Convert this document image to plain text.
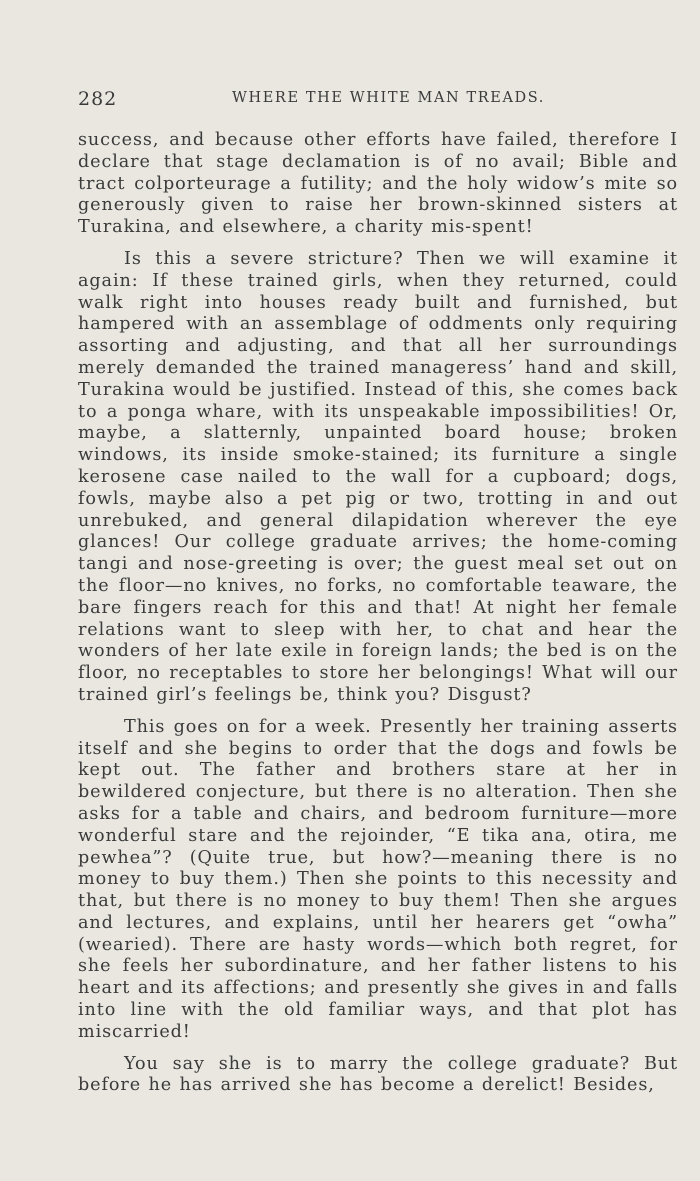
282	WHERE THE WHITE MAN TREADS.

success, and because other efforts have failed, therefore I declare that stage declamation is of no avail; Bible and tract colporteurage a futility; and the holy widow’s mite so generously given to raise her brown-skinned sisters at Turakina, and elsewhere, a charity mis-spent!

Is this a severe stricture? Then we will examine it again: If these trained girls, when they returned, could walk right into houses ready built and furnished, but hampered with an assemblage of oddments only requiring assorting and adjusting, and that all her surroundings merely demanded the trained manageress’ hand and skill, Turakina would be justified. Instead of this, she comes back to a ponga whare, with its unspeakable impossibilities! Or, maybe, a slatternly, unpainted board house; broken windows, its inside smoke-stained; its furniture a single kerosene case nailed to the wall for a cupboard; dogs, fowls, maybe also a pet pig or two, trotting in and out unrebuked, and general dilapidation wherever the eye glances! Our college graduate arrives; the home-coming tangi and nose-greeting is over; the guest meal set out on the floor—no knives, no forks, no comfortable teaware, the bare fingers reach for this and that! At night her female relations want to sleep with her, to chat and hear the wonders of her late exile in foreign lands; the bed is on the floor, no receptables to store her belongings! What will our trained girl’s feelings be, think you? Disgust?

This goes on for a week. Presently her training asserts itself and she begins to order that the dogs and fowls be kept out. The father and brothers stare at her in bewildered conjecture, but there is no alteration. Then she asks for a table and chairs, and bedroom furniture—more wonderful stare and the rejoinder, “E tika ana, otira, me pewhea”? (Quite true, but how?—meaning there is no money to buy them.) Then she points to this necessity and that, but there is no money to buy them! Then she argues and lectures, and explains, until her hearers get “owha” (wearied). There are hasty words—which both regret, for she feels her subordinature, and her father listens to his heart and its affections; and presently she gives in and falls into line with the old familiar ways, and that plot has miscarried!

You say she is to marry the college graduate? But before he has arrived she has become a derelict! Besides,
